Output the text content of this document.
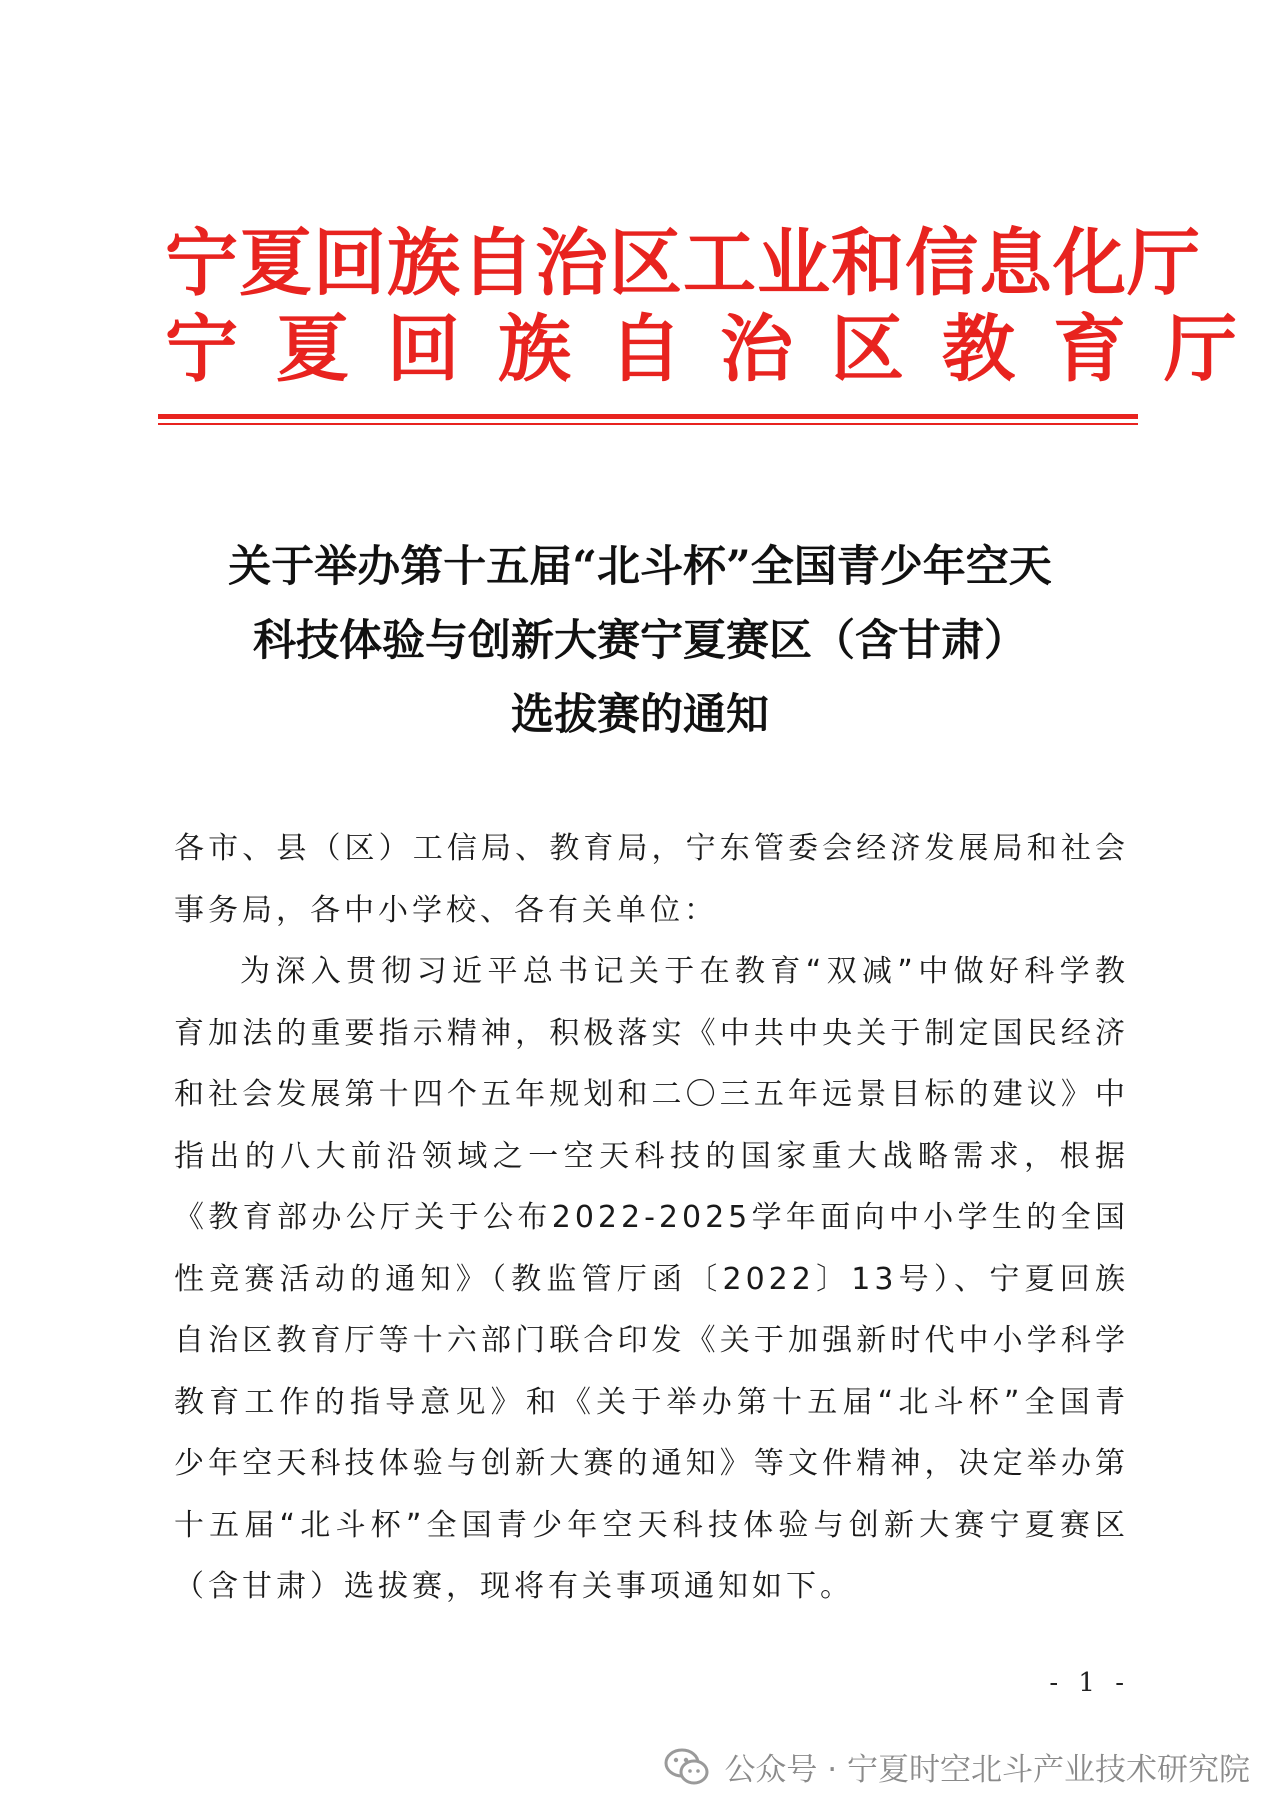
宁夏回族自治区工业和信息化厅
宁夏回族自治区教育厅
关于举办第十五届“北斗杯”全国青少年空天
科技体验与创新大赛宁夏赛区（含甘肃）
选拔赛的通知

各市、县（区）工信局、教育局，宁东管委会经济发展局和社会事务局，各中小学校、各有关单位：

为深入贯彻习近平总书记关于在教育“双减”中做好科学教育加法的重要指示精神，积极落实《中共中央关于制定国民经济和社会发展第十四个五年规划和二〇三五年远景目标的建议》中指出的八大前沿领域之一空天科技的国家重大战略需求，根据《教育部办公厅关于公布2022-2025学年面向中小学生的全国性竞赛活动的通知》（教监管厅函〔2022〕13号）、宁夏回族自治区教育厅等十六部门联合印发《关于加强新时代中小学科学教育工作的指导意见》和《关于举办第十五届“北斗杯”全国青少年空天科技体验与创新大赛的通知》等文件精神，决定举办第十五届“北斗杯”全国青少年空天科技体验与创新大赛宁夏赛区（含甘肃）选拔赛，现将有关事项通知如下。

- 1 -
公众号 · 宁夏时空北斗产业技术研究院
